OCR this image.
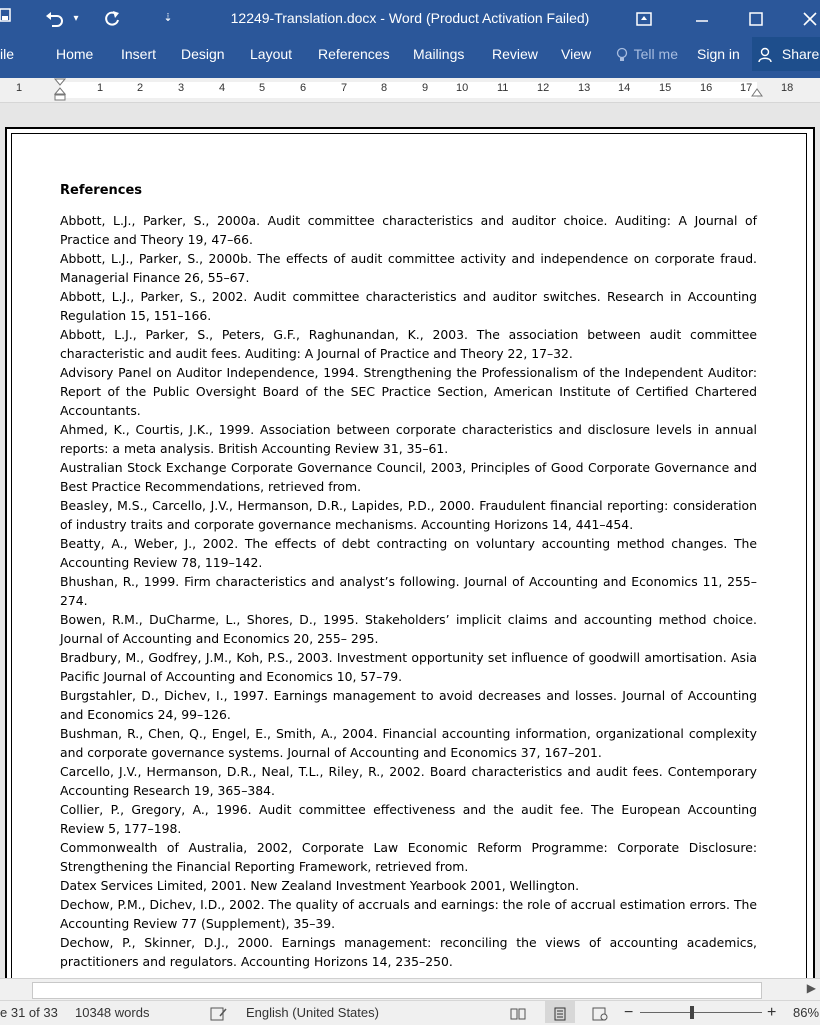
▾	⇣	12249-Translation.docx - Word (Product Activation Failed)
ile	Home Insert Design Layout References Mailings Review View	Tell me Sign in	Share
1	1	2	3	4	5	6	7	8	9	10	11	12	13	14	15	16	17	18
References

Abbott, L.J., Parker, S., 2000a. Audit committee characteristics and auditor choice. Auditing: A Journal of Practice and Theory 19, 47–66.

Abbott, L.J., Parker, S., 2000b. The effects of audit committee activity and independence on corporate fraud. Managerial Finance 26, 55–67.

Abbott, L.J., Parker, S., 2002. Audit committee characteristics and auditor switches. Research in Accounting Regulation 15, 151–166.

Abbott, L.J., Parker, S., Peters, G.F., Raghunandan, K., 2003. The association between audit committee characteristic and audit fees. Auditing: A Journal of Practice and Theory 22, 17–32.

Advisory Panel on Auditor Independence, 1994. Strengthening the Professionalism of the Independent Auditor: Report of the Public Oversight Board of the SEC Practice Section, American Institute of Certified Chartered Accountants.

Ahmed, K., Courtis, J.K., 1999. Association between corporate characteristics and disclosure levels in annual reports: a meta analysis. British Accounting Review 31, 35–61.

Australian Stock Exchange Corporate Governance Council, 2003, Principles of Good Corporate Governance and Best Practice Recommendations, retrieved from.

Beasley, M.S., Carcello, J.V., Hermanson, D.R., Lapides, P.D., 2000. Fraudulent financial reporting: consideration of industry traits and corporate governance mechanisms. Accounting Horizons 14, 441–454.

Beatty, A., Weber, J., 2002. The effects of debt contracting on voluntary accounting method changes. The Accounting Review 78, 119–142.

Bhushan, R., 1999. Firm characteristics and analyst’s following. Journal of Accounting and Economics 11, 255–274.

Bowen, R.M., DuCharme, L., Shores, D., 1995. Stakeholders’ implicit claims and accounting method choice. Journal of Accounting and Economics 20, 255– 295.

Bradbury, M., Godfrey, J.M., Koh, P.S., 2003. Investment opportunity set influence of goodwill amortisation. Asia Pacific Journal of Accounting and Economics 10, 57–79.

Burgstahler, D., Dichev, I., 1997. Earnings management to avoid decreases and losses. Journal of Accounting and Economics 24, 99–126.

Bushman, R., Chen, Q., Engel, E., Smith, A., 2004. Financial accounting information, organizational complexity and corporate governance systems. Journal of Accounting and Economics 37, 167–201.

Carcello, J.V., Hermanson, D.R., Neal, T.L., Riley, R., 2002. Board characteristics and audit fees. Contemporary Accounting Research 19, 365–384.

Collier, P., Gregory, A., 1996. Audit committee effectiveness and the audit fee. The European Accounting Review 5, 177–198.

Commonwealth of Australia, 2002, Corporate Law Economic Reform Programme: Corporate Disclosure: Strengthening the Financial Reporting Framework, retrieved from.

Datex Services Limited, 2001. New Zealand Investment Yearbook 2001, Wellington.

Dechow, P.M., Dichev, I.D., 2002. The quality of accruals and earnings: the role of accrual estimation errors. The Accounting Review 77 (Supplement), 35–39.

Dechow, P., Skinner, D.J., 2000. Earnings management: reconciling the views of accounting academics, practitioners and regulators. Accounting Horizons 14, 235–250.

▶
e 31 of 33 10348 words	English (United States)	−	+ 86%
